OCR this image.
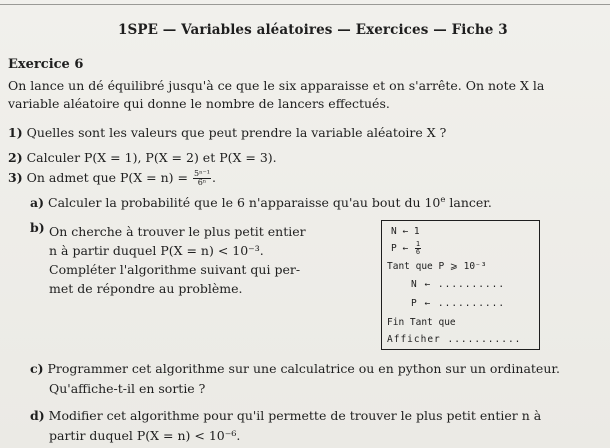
1SPE — Variables aléatoires — Exercices — Fiche 3
Exercice 6
On lance un dé équilibré jusqu'à ce que le six apparaisse et on s'arrête. On note X la
variable aléatoire qui donne le nombre de lancers effectués.
1) Quelles sont les valeurs que peut prendre la variable aléatoire X ?
2) Calculer P(X = 1), P(X = 2) et P(X = 3).
3) On admet que $P(X = n) = \frac{\text{5ⁿ⁻¹}}{\text{6ⁿ}}$ .
a) Calculer la probabilité que le 6 n'apparaisse qu'au bout du 10e lancer.
b) On cherche à trouver le plus petit entier
n à partir duquel P(X = n) < 10⁻³.
Compléter l'algorithme suivant qui per-
met de répondre au problème.
N ← 1
P ← $\frac{1}{6}$
Tant que P ⩾ 10⁻³
N ← ..........
P ← ..........
Fin Tant que
Afficher ...........
c) Programmer cet algorithme sur une calculatrice ou en python sur un ordinateur.
Qu'affiche-t-il en sortie ?
d) Modifier cet algorithme pour qu'il permette de trouver le plus petit entier n à
partir duquel P(X = n) < 10⁻⁶.
